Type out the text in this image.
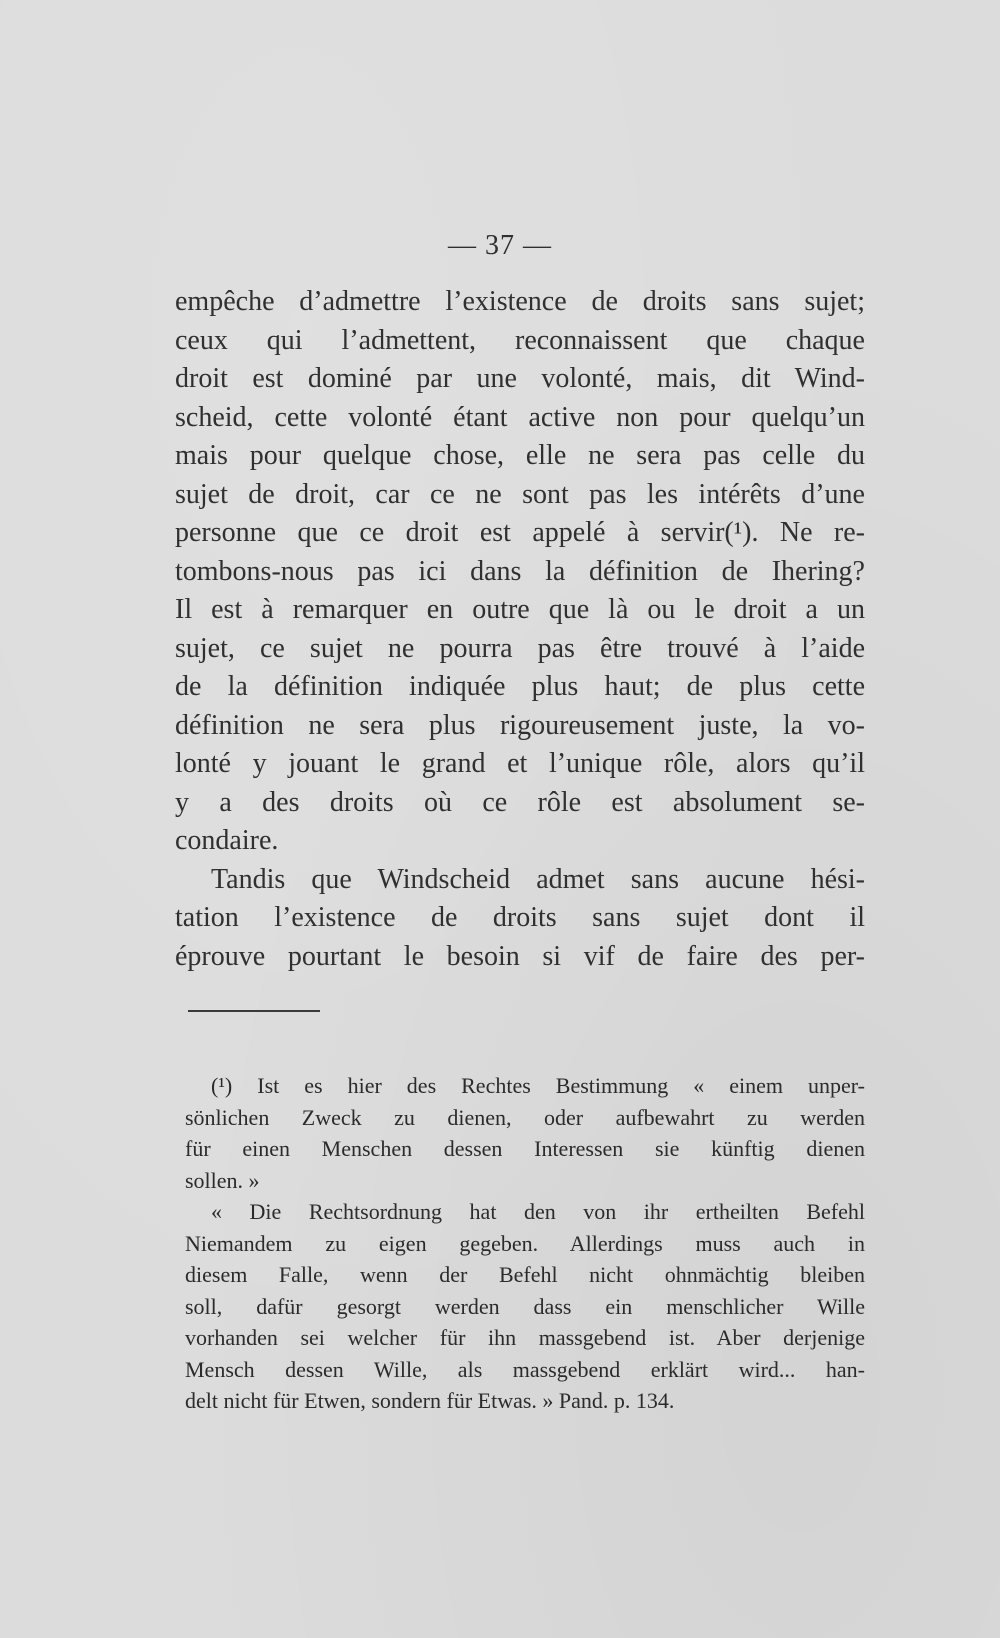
— 37 —
empêche d’admettre l’existence de droits sans sujet;
ceux qui l’admettent, reconnaissent que chaque
droit est dominé par une volonté, mais, dit Wind-
scheid, cette volonté étant active non pour quelqu’un
mais pour quelque chose, elle ne sera pas celle du
sujet de droit, car ce ne sont pas les intérêts d’une
personne que ce droit est appelé à servir(¹). Ne re-
tombons-nous pas ici dans la définition de Ihering?
Il est à remarquer en outre que là ou le droit a un
sujet, ce sujet ne pourra pas être trouvé à l’aide
de la définition indiquée plus haut; de plus cette
définition ne sera plus rigoureusement juste, la vo-
lonté y jouant le grand et l’unique rôle, alors qu’il
y a des droits où ce rôle est absolument se-
condaire.
Tandis que Windscheid admet sans aucune hési-
tation l’existence de droits sans sujet dont il
éprouve pourtant le besoin si vif de faire des per-
(¹) Ist es hier des Rechtes Bestimmung « einem unper-
sönlichen Zweck zu dienen, oder aufbewahrt zu werden
für einen Menschen dessen Interessen sie künftig dienen
sollen. »
« Die Rechtsordnung hat den von ihr ertheilten Befehl
Niemandem zu eigen gegeben. Allerdings muss auch in
diesem Falle, wenn der Befehl nicht ohnmächtig bleiben
soll, dafür gesorgt werden dass ein menschlicher Wille
vorhanden sei welcher für ihn massgebend ist. Aber derjenige
Mensch dessen Wille, als massgebend erklärt wird... han-
delt nicht für Etwen, sondern für Etwas. » Pand. p. 134.
